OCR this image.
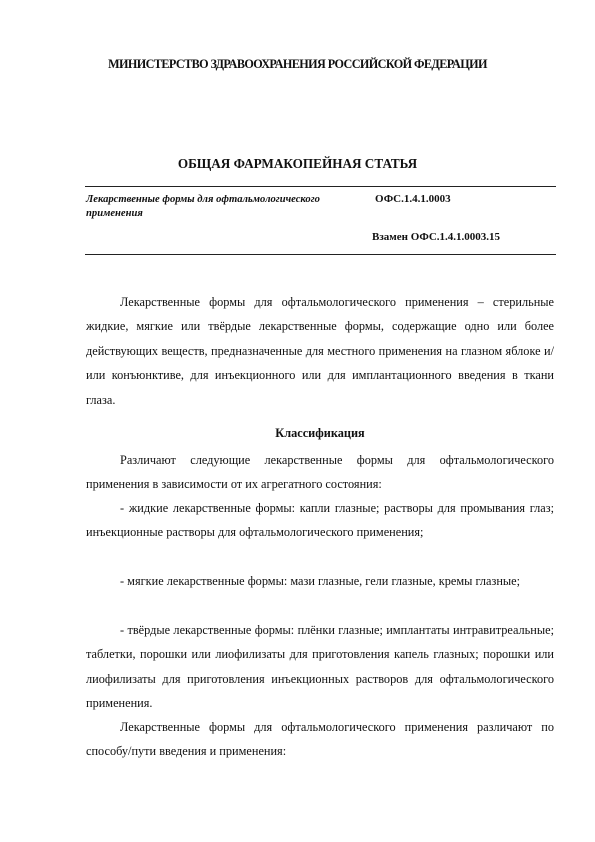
МИНИСТЕРСТВО ЗДРАВООХРАНЕНИЯ РОССИЙСКОЙ ФЕДЕРАЦИИ
ОБЩАЯ ФАРМАКОПЕЙНАЯ СТАТЬЯ
Лекарственные формы для офтальмологического применения
ОФС.1.4.1.0003
Взамен ОФС.1.4.1.0003.15
Лекарственные формы для офтальмологического применения – стерильные жидкие, мягкие или твёрдые лекарственные формы, содержащие одно или более действующих веществ, предназначенные для местного применения на глазном яблоке и/или конъюнктиве, для инъекционного или для имплантационного введения в ткани глаза.
Классификация
Различают следующие лекарственные формы для офтальмологического применения в зависимости от их агрегатного состояния:
- жидкие лекарственные формы: капли глазные; растворы для промывания глаз; инъекционные растворы для офтальмологического применения;
- мягкие лекарственные формы: мази глазные, гели глазные, кремы глазные;
- твёрдые лекарственные формы: плёнки глазные; имплантаты интравитреальные; таблетки, порошки или лиофилизаты для приготовления капель глазных; порошки или лиофилизаты для приготовления инъекционных растворов для офтальмологического применения.
Лекарственные формы для офтальмологического применения различают по способу/пути введения и применения:
